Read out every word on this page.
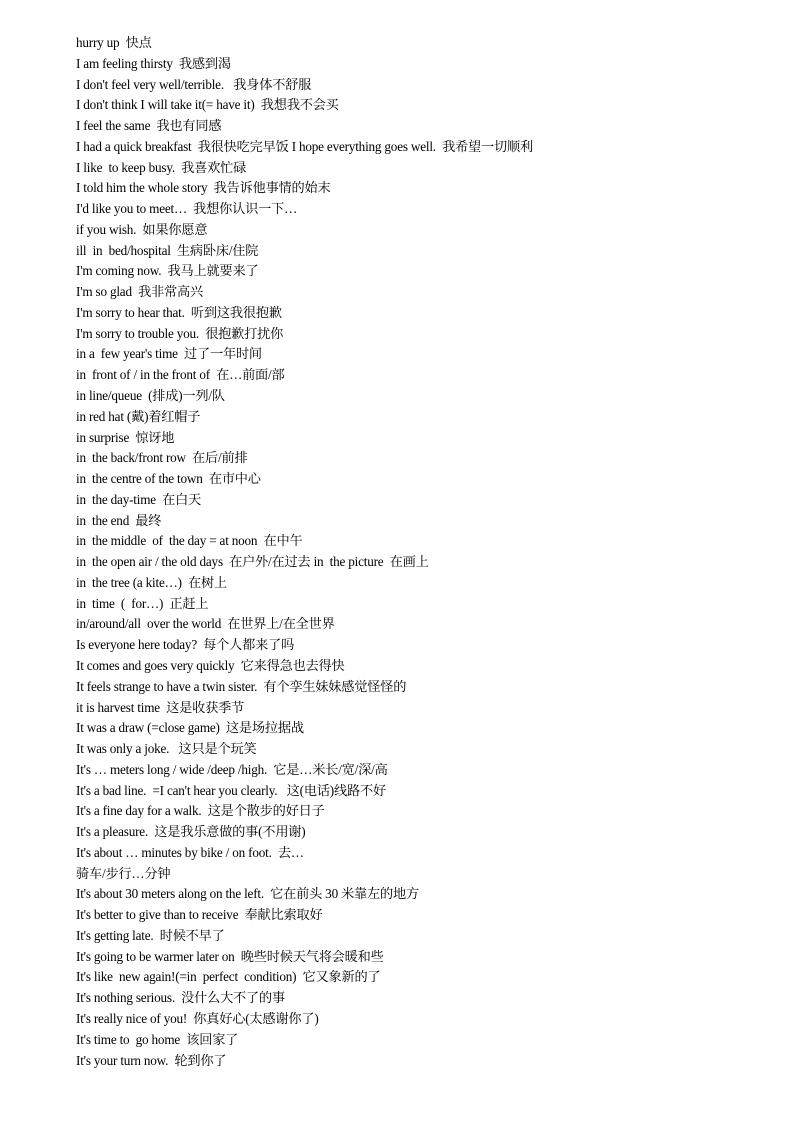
hurry up  快点
I am feeling thirsty  我感到渴
I don't feel very well/terrible.   我身体不舒服
I don't think I will take it(= have it)  我想我不会买
I feel the same  我也有同感
I had a quick breakfast  我很快吃完早饭 I hope everything goes well.  我希望一切顺利
I like  to keep busy.  我喜欢忙碌
I told him the whole story  我告诉他事情的始末
I'd like you to meet…  我想你认识一下…
if you wish.  如果你愿意
ill  in  bed/hospital  生病卧床/住院
I'm coming now.  我马上就要来了
I'm so glad  我非常高兴
I'm sorry to hear that.  听到这我很抱歉
I'm sorry to trouble you.  很抱歉打扰你
in a  few year's time  过了一年时间
in  front of / in the front of  在…前面/部
in line/queue  (排成)一列/队
in red hat (戴)着红帽子
in surprise  惊讶地
in  the back/front row  在后/前排
in  the centre of the town  在市中心
in  the day-time  在白天
in  the end  最终
in  the middle  of  the day = at noon  在中午
in  the open air / the old days  在户外/在过去 in  the picture  在画上
in  the tree (a kite…)  在树上
in  time  (  for…)  正赶上
in/around/all  over the world  在世界上/在全世界
Is everyone here today?  每个人都来了吗
It comes and goes very quickly  它来得急也去得快
It feels strange to have a twin sister.  有个孪生妹妹感觉怪怪的
it is harvest time  这是收获季节
It was a draw (=close game)  这是场拉据战
It was only a joke.   这只是个玩笑
It's … meters long / wide /deep /high.  它是…米长/宽/深/高
It's a bad line.  =I can't hear you clearly.   这(电话)线路不好
It's a fine day for a walk.  这是个散步的好日子
It's a pleasure.  这是我乐意做的事(不用谢)
It's about … minutes by bike / on foot.  去…
骑车/步行…分钟
It's about 30 meters along on the left.  它在前头 30 米靠左的地方
It's better to give than to receive  奉献比索取好
It's getting late.  时候不早了
It's going to be warmer later on  晚些时候天气将会暖和些
It's like  new again!(=in  perfect  condition)  它又象新的了
It's nothing serious.  没什么大不了的事
It's really nice of you!  你真好心(太感谢你了)
It's time to  go home  该回家了
It's your turn now.  轮到你了
